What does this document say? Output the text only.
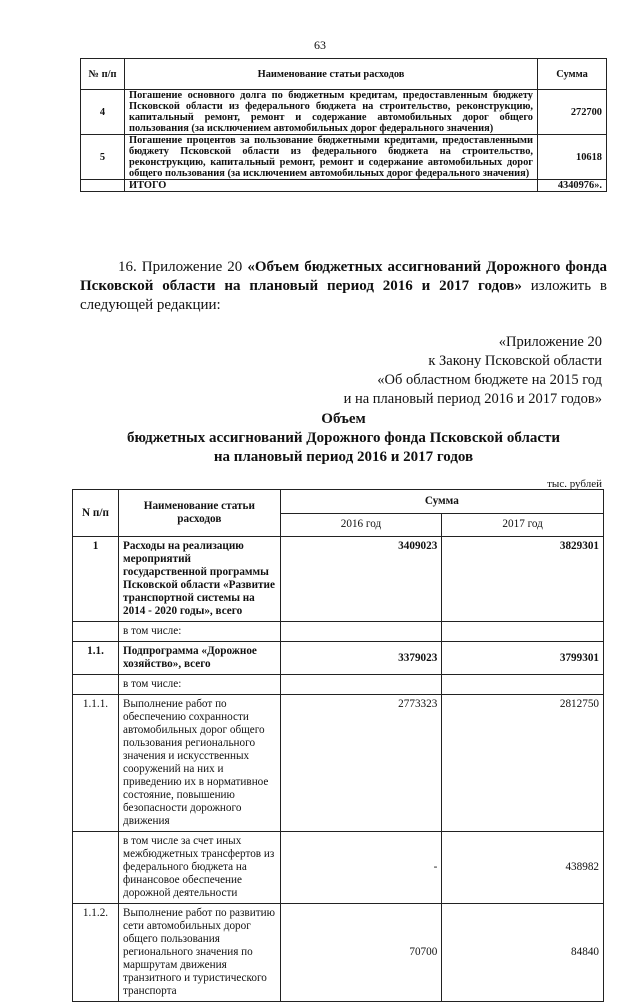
63
№ п/п	Наименование статьи расходов	Сумма
4	Погашение основного долга по бюджетным кредитам, предоставленным бюджету Псковской области из федерального бюджета на строительство, реконструкцию, капитальный ремонт, ремонт и содержание автомобильных дорог общего пользования (за исключением автомобильных дорог федерального значения)	272700
5	Погашение процентов за пользование бюджетными кредитами, предоставленными бюджету Псковской области из федерального бюджета на строительство, реконструкцию, капитальный ремонт, ремонт и содержание автомобильных дорог общего пользования (за исключением автомобильных дорог федерального значения)	10618
	ИТОГО	4340976».
16. Приложение 20 «Объем бюджетных ассигнований Дорожного фонда Псковской области на плановый период 2016 и 2017 годов» изложить в следующей редакции:
«Приложение 20
к Закону Псковской области
«Об областном бюджете на 2015 год
и на плановый период 2016 и 2017 годов»
Объем
бюджетных ассигнований Дорожного фонда Псковской области
на плановый период 2016 и 2017 годов
тыс. рублей
N п/п	Наименование статьи расходов	Сумма	
		2016 год	2017 год
1	Расходы на реализацию мероприятий государственной программы Псковской области «Развитие транспортной системы на 2014 - 2020 годы», всего	3409023	3829301
	в том числе:		
1.1.	Подпрограмма «Дорожное хозяйство», всего	3379023	3799301
	в том числе:		
1.1.1.	Выполнение работ по обеспечению сохранности автомобильных дорог общего пользования регионального значения и искусственных сооружений на них и приведению их в нормативное состояние, повышению безопасности дорожного движения	2773323	2812750
	в том числе за счет иных межбюджетных трансфертов из федерального бюджета на финансовое обеспечение дорожной деятельности	-	438982
1.1.2.	Выполнение работ по развитию сети автомобильных дорог общего пользования регионального значения по маршрутам движения транзитного и туристического транспорта	70700	84840
